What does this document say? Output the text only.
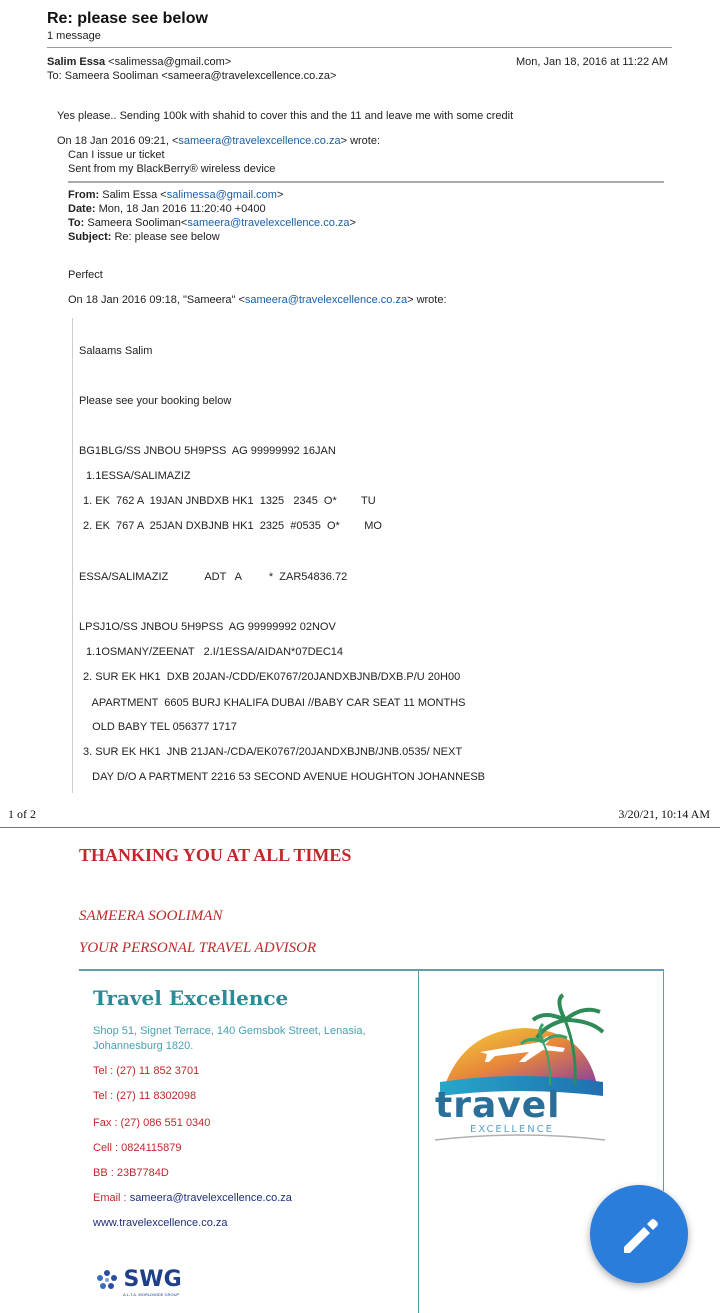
Re: please see below
1 message
Salim Essa <salimessa@gmail.com>	Mon, Jan 18, 2016 at 11:22 AM
To: Sameera Sooliman <sameera@travelexcellence.co.za>
Yes please.. Sending 100k with shahid to cover this and the 11 and leave me with some credit
On 18 Jan 2016 09:21, <sameera@travelexcellence.co.za> wrote:
Can I issue ur ticket
Sent from my BlackBerry® wireless device
From: Salim Essa <salimessa@gmail.com>
Date: Mon, 18 Jan 2016 11:20:40 +0400
To: Sameera Sooliman<sameera@travelexcellence.co.za>
Subject: Re: please see below
Perfect
On 18 Jan 2016 09:18, "Sameera" <sameera@travelexcellence.co.za> wrote:
Salaams Salim
Please see your booking below
BG1BLG/SS JNBOU 5H9PSS  AG 99999992 16JAN
1.1ESSA/SALIMAZIZ
1. EK  762 A  19JAN JNBDXB HK1  1325   2345  O*        TU
2. EK  767 A  25JAN DXBJNB HK1  2325  #0535  O*        MO
ESSA/SALIMAZIZ            ADT   A         *  ZAR54836.72
LPSJ1O/SS JNBOU 5H9PSS  AG 99999992 02NOV
1.1OSMANY/ZEENAT   2.I/1ESSA/AIDAN*07DEC14
2. SUR EK HK1  DXB 20JAN-/CDD/EK0767/20JANDXBJNB/DXB.P/U 20H00
APARTMENT  6605 BURJ KHALIFA DUBAI //BABY CAR SEAT 11 MONTHS
OLD BABY TEL 056377 1717
3. SUR EK HK1  JNB 21JAN-/CDA/EK0767/20JANDXBJNB/JNB.0535/ NEXT
DAY D/O A PARTMENT 2216 53 SECOND AVENUE HOUGHTON JOHANNESB
1 of 2	3/20/21, 10:14 AM
THANKING YOU AT ALL TIMES
SAMEERA SOOLIMAN
YOUR PERSONAL TRAVEL ADVISOR
Travel Excellence
Shop 51, Signet Terrace, 140 Gemsbok Street, Lenasia,
Johannesburg 1820.
Tel : (27) 11 852 3701
Tel : (27) 11 8302098
Fax : (27) 086 551 0340
Cell : 0824115879
BB : 23B7784D
Email : sameera@travelexcellence.co.za
www.travelexcellence.co.za
SWG
A.L.T.A. WORLDWIDE GROUP
travel
EXCELLENCE
